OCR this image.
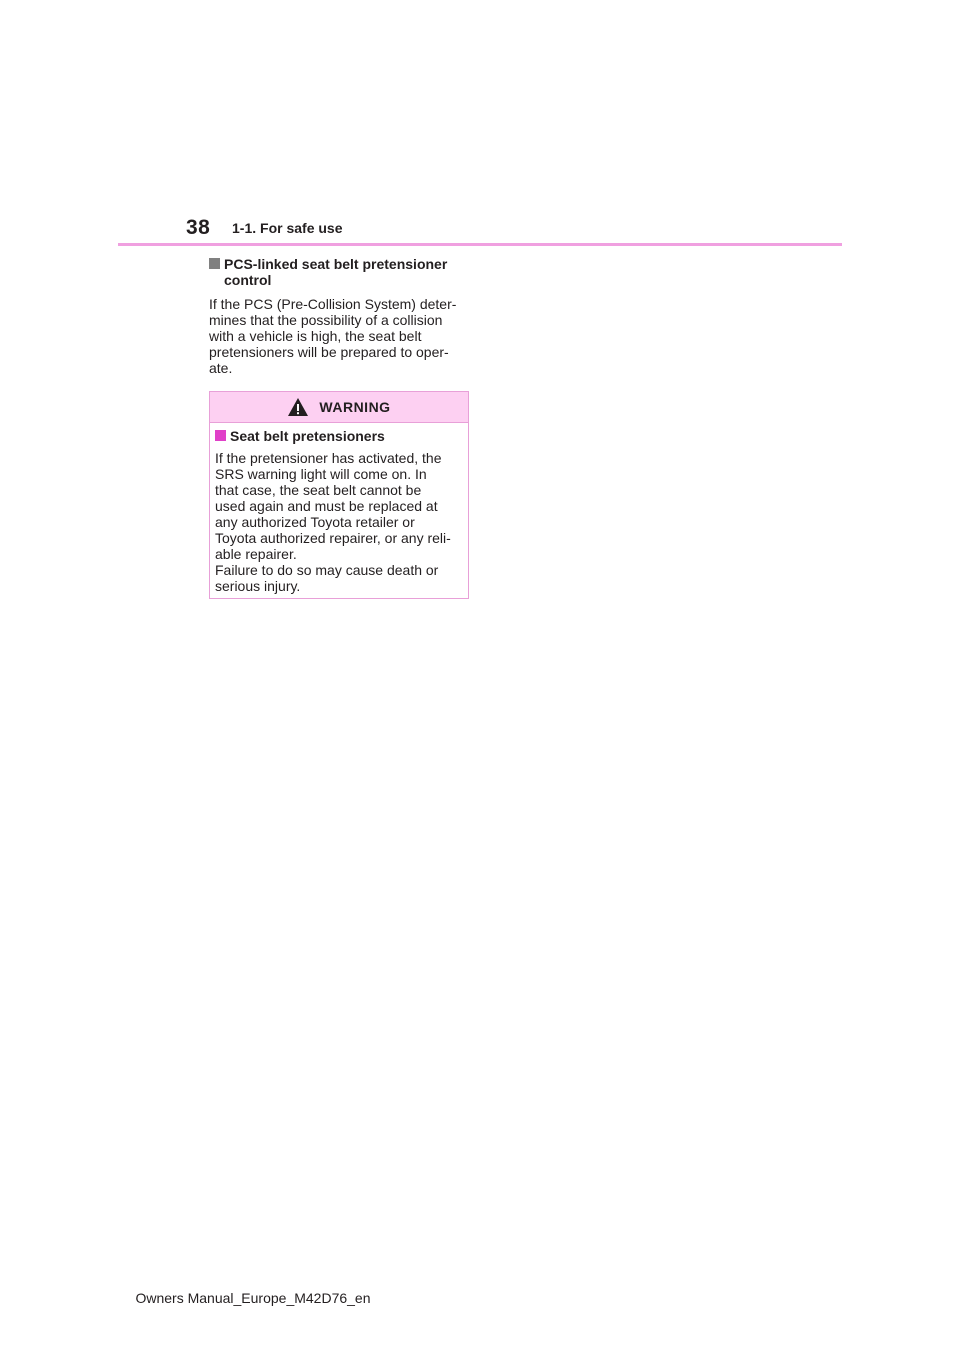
38 1-1. For safe use
PCS-linked seat belt pretensioner
control

If the PCS (Pre-Collision System) deter-
mines that the possibility of a collision
with a vehicle is high, the seat belt
pretensioners will be prepared to oper-
ate.

WARNING
Seat belt pretensioners

If the pretensioner has activated, the
SRS warning light will come on. In
that case, the seat belt cannot be
used again and must be replaced at
any authorized Toyota retailer or
Toyota authorized repairer, or any reli-
able repairer.
Failure to do so may cause death or
serious injury.

Owners Manual_Europe_M42D76_en
